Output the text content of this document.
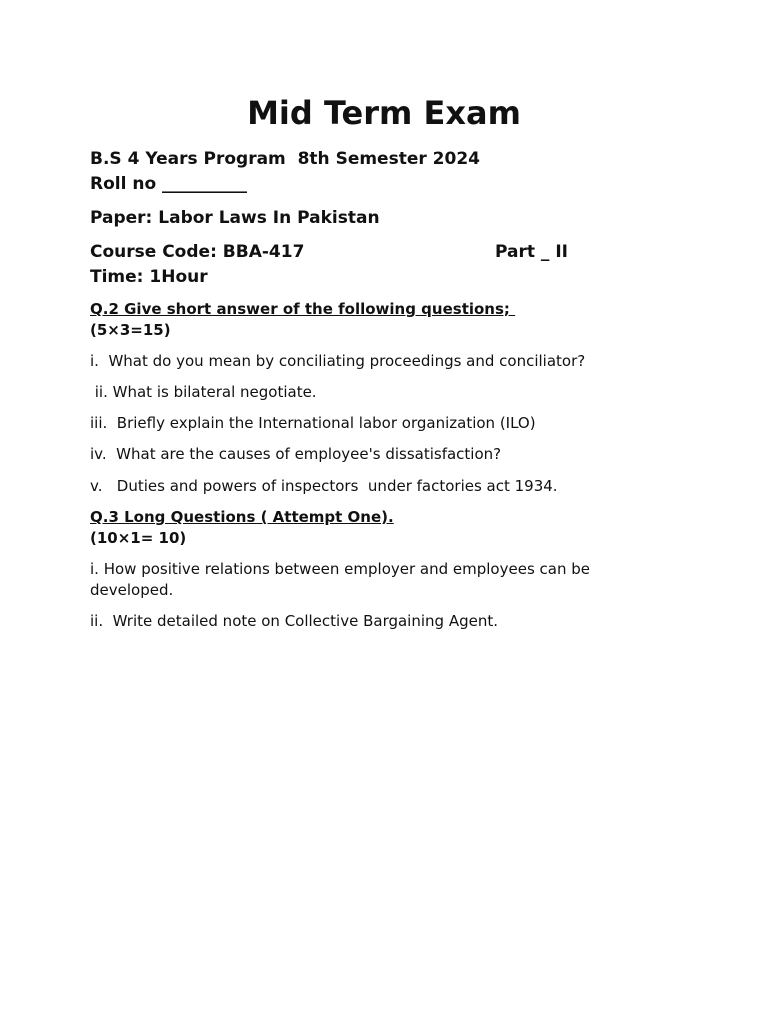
Mid Term Exam
B.S 4 Years Program  8th Semester 2024
Roll no __________
Paper: Labor Laws In Pakistan
Course Code: BBA-417	Part _ II
Time: 1Hour
Q.2 Give short answer of the following questions;
(5×3=15)
i.  What do you mean by conciliating proceedings and conciliator?
ii. What is bilateral negotiate.
iii.  Briefly explain the International labor organization (ILO)
iv.  What are the causes of employee's dissatisfaction?
v.   Duties and powers of inspectors  under factories act 1934.
Q.3 Long Questions ( Attempt One).
(10×1= 10)
i. How positive relations between employer and employees can be developed.
ii.  Write detailed note on Collective Bargaining Agent.
